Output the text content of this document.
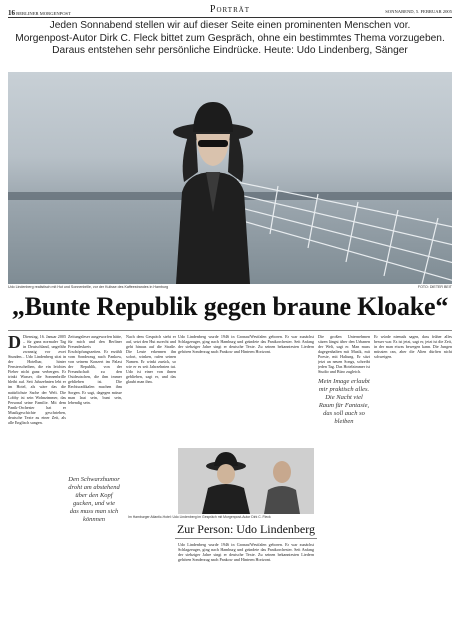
16 BERLINER MORGENPOST	Porträt	SONNABEND, 5. FEBRUAR 2005
Jeden Sonnabend stellen wir auf dieser Seite einen prominenten Menschen vor.
Morgenpost-Autor Dirk C. Fleck bittet zum Gespräch, ohne ein bestimmtes Thema vorzugeben.
Daraus entstehen sehr persönliche Eindrücke. Heute: Udo Lindenberg, Sänger
Udo Lindenberg realistisch mit Hut und Sonnenbrille, vor der Kulisse des Kaffeestrandes in Hamburg	FOTO: DIETER BEIT
„Bunte Republik gegen braune Kloake“

D Dienstag, 16. Januar 2005 – für ganz normaler Tag in Deutschland, ungefähr zwanzig vor zwei Stunden... Udo Lindenberg sitzt in der Hotelbar, hinter Fensterscheiben, die ein leichtes Fieber nicht ganz verbergen. Er trinkt Wasser, die Sonnenbrille bleibt auf. Seit Jahrzehnten lebt er im Hotel, als wäre das die natürlichste Sache der Welt. Die Lobby ist sein Wohnzimmer, das Personal seine Familie. Mit dem Panik-Orchester hat er Musikgeschichte geschrieben, deutsche Texte zu einer Zeit, als alle Englisch sangen.

Zeitungsleser ausgeworfen hätte, für mich und den Berliner Freundeskreis Erschöpfungszeiten. Er erzählt vom Sonderzug nach Pankow, von seinem Konzert im Palast der Republik, von der Freundschaft zu den Ostdeutschen, die ihm immer geblieben ist. Die Rechtsradikalen machen ihm Sorgen. Er sagt, dagegen müsse man laut sein, bunt sein, lebendig sein.

Den Schwarzhumor droht am abstehend über den Kopf gucken, und wie das muss man sich könnnen

Nach dem Gespräch steht er auf, setzt den Hut zurecht und geht hinaus auf die Straße. Die Leute erkennen ihn sofort, winken, rufen seinen Namen. Er winkt zurück, so wie er es seit Jahrzehnten tut. Udo ist einer von ihnen geblieben, sagt er, und das glaubt man ihm.

Udo Lindenberg wurde 1946 in Gronau/Westfalen geboren. Er war zunächst Schlagzeuger, ging nach Hamburg und gründete das Panikorchester. Seit Anfang der siebziger Jahre singt er deutsche Texte. Zu seinen bekanntesten Liedern gehören Sonderzug nach Pankow und Hinterm Horizont.

Die großen Unternehmen sitzen längst über den Urbanen der Welt, sagt er. Man muss dagegenhalten mit Musik, mit Poesie, mit Haltung. Er sitzt jetzt an neuen Songs, schreibt jeden Tag. Das Hotelzimmer ist Studio und Büro zugleich.

Mein Image erlaubt mir praktisch alles. Die Nacht viel Raum für Fantasie, das soll auch so bleiben

Er würde niemals sagen, dass früher alles besser war. Es ist jetzt, sagt er, jetzt ist die Zeit, in der man etwas bewegen kann. Die Jungen müssten ran, aber die Alten dürften nicht schweigen.

Im Hamburger Atlantic-Hotel: Udo Lindenberg im Gespräch mit Morgenpost-Autor Dirk C. Fleck
Zur Person: Udo Lindenberg

Udo Lindenberg wurde 1946 in Gronau/Westfalen geboren. Er war zunächst Schlagzeuger, ging nach Hamburg und gründete das Panikorchester. Seit Anfang der siebziger Jahre singt er deutsche Texte. Zu seinen bekanntesten Liedern gehören Sonderzug nach Pankow und Hinterm Horizont.
